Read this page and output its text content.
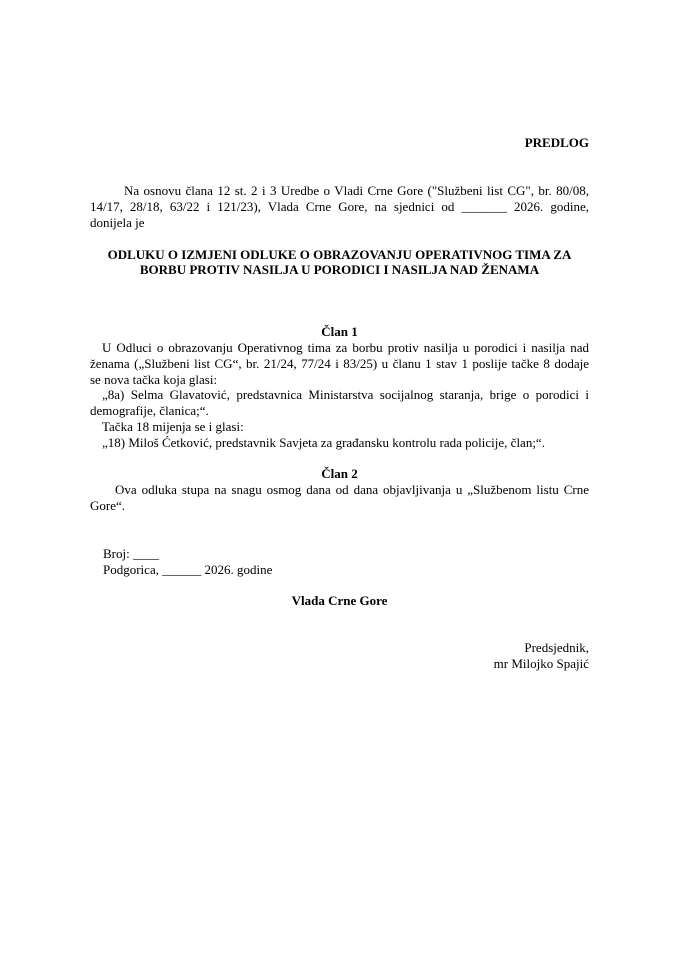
PREDLOG
Na osnovu člana 12 st. 2 i 3 Uredbe o Vladi Crne Gore ("Službeni list CG", br. 80/08,
14/17, 28/18, 63/22 i 121/23), Vlada Crne Gore, na sjednici od _______ 2026. godine,
donijela je
ODLUKU O IZMJENI ODLUKE O OBRAZOVANJU OPERATIVNOG TIMA ZA
BORBU PROTIV NASILJA U PORODICI I NASILJA NAD ŽENAMA
Član 1
U Odluci o obrazovanju Operativnog tima za borbu protiv nasilja u porodici i nasilja nad
ženama („Službeni list CG“, br. 21/24, 77/24 i 83/25) u članu 1 stav 1 poslije tačke 8 dodaje
se nova tačka koja glasi:
„8a) Selma Glavatović, predstavnica Ministarstva socijalnog staranja, brige o porodici i
demografije, članica;“.
Tačka 18 mijenja se i glasi:
„18) Miloš Ćetković, predstavnik Savjeta za građansku kontrolu rada policije, član;“.
Član 2
Ova odluka stupa na snagu osmog dana od dana objavljivanja u „Službenom listu Crne
Gore“.
Broj: ____
Podgorica, ______ 2026. godine
Vlada Crne Gore
Predsjednik,
mr Milojko Spajić
